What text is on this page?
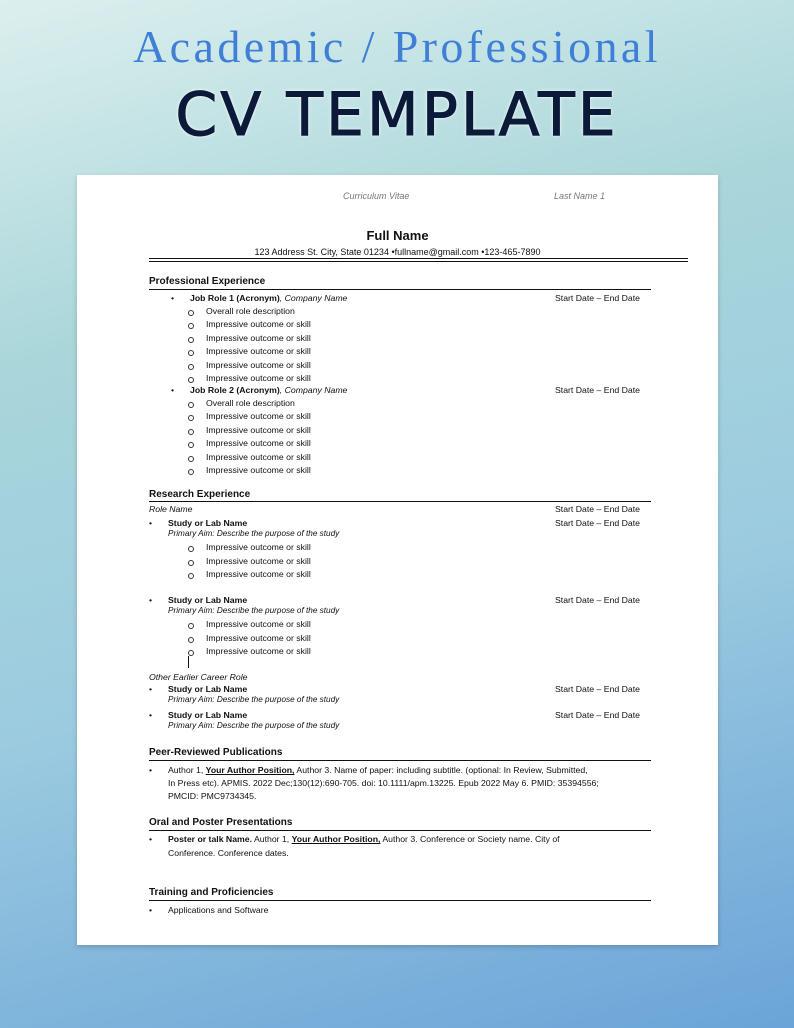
Academic / Professional
CV TEMPLATE
Curriculum Vitae	Last Name 1
Full Name
123 Address St. City, State 01234 •fullname@gmail.com •123-465-7890
Professional Experience
• Job Role 1 (Acronym), Company Name	Start Date – End Date
Overall role description
Impressive outcome or skill
Impressive outcome or skill
Impressive outcome or skill
Impressive outcome or skill
Impressive outcome or skill
• Job Role 2 (Acronym), Company Name	Start Date – End Date
Overall role description
Impressive outcome or skill
Impressive outcome or skill
Impressive outcome or skill
Impressive outcome or skill
Impressive outcome or skill
Research Experience
Role Name	Start Date – End Date
• Study or Lab Name	Start Date – End Date
Primary Aim: Describe the purpose of the study
Impressive outcome or skill
Impressive outcome or skill
Impressive outcome or skill
• Study or Lab Name	Start Date – End Date
Primary Aim: Describe the purpose of the study
Impressive outcome or skill
Impressive outcome or skill
Impressive outcome or skill
Other Earlier Career Role
• Study or Lab Name	Start Date – End Date
Primary Aim: Describe the purpose of the study
• Study or Lab Name	Start Date – End Date
Primary Aim: Describe the purpose of the study
Peer-Reviewed Publications
• Author 1, Your Author Position, Author 3. Name of paper: including subtitle. (optional: In Review, Submitted,
In Press etc). APMIS. 2022 Dec;130(12):690-705. doi: 10.1111/apm.13225. Epub 2022 May 6. PMID: 35394556;
PMCID: PMC9734345.
Oral and Poster Presentations
• Poster or talk Name. Author 1, Your Author Position, Author 3. Conference or Society name. City of
Conference. Conference dates.
Training and Proficiencies
• Applications and Software
